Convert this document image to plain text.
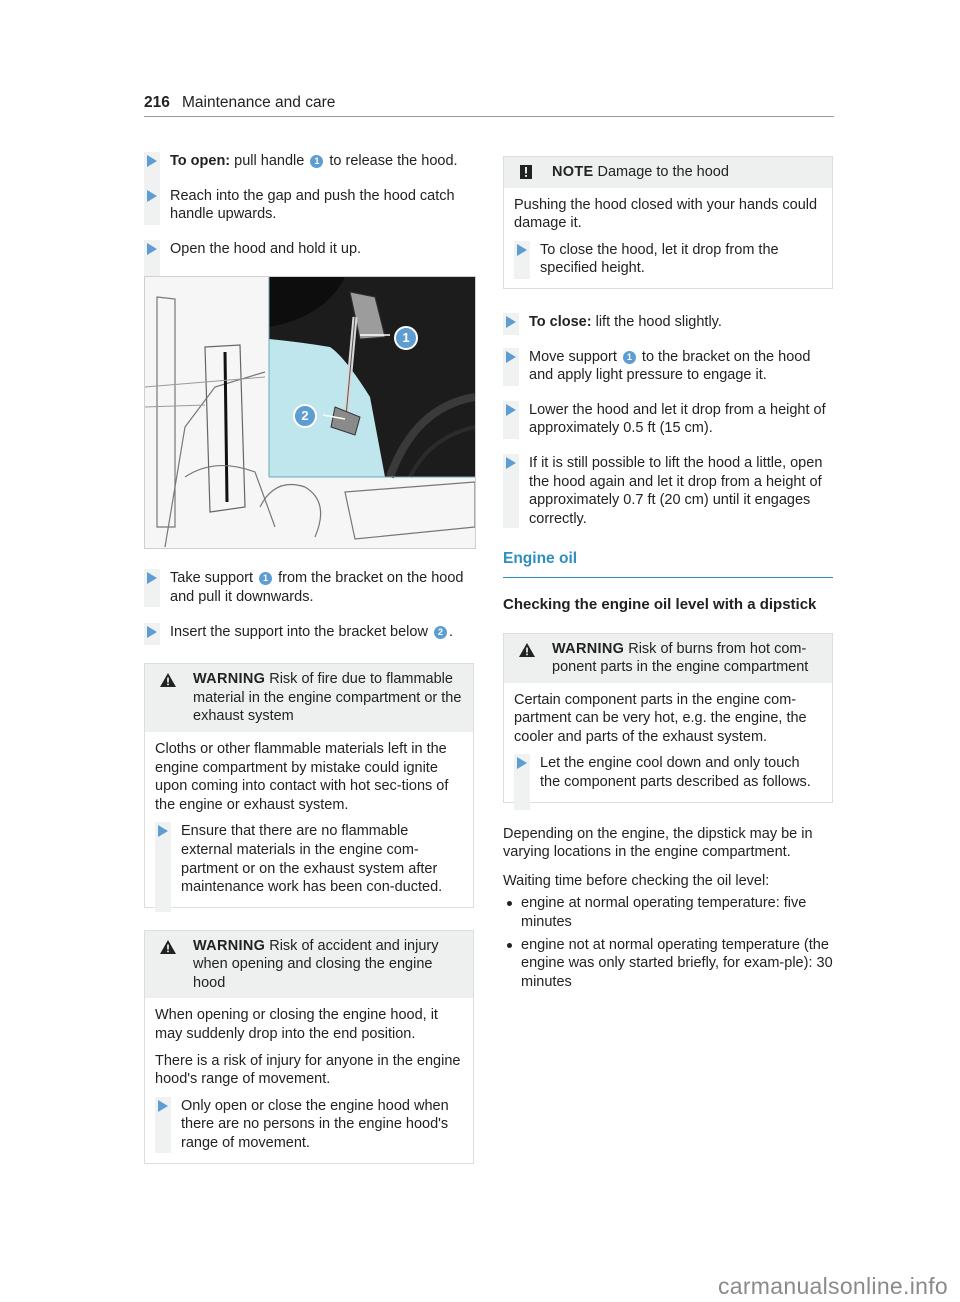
216 Maintenance and care
To open: pull handle 1 to release the hood.
Reach into the gap and push the hood catch handle upwards.
Open the hood and hold it up.
1
2
Take support 1 from the bracket on the hood and pull it downwards.
Insert the support into the bracket below 2 .
WARNING Risk of fire due to flammable material in the engine compartment or the exhaust system

Cloths or other flammable materials left in the engine compartment by mistake could ignite upon coming into contact with hot sec-tions of the engine or exhaust system.

Ensure that there are no flammable external materials in the engine com-partment or on the exhaust system after maintenance work has been con-ducted.
WARNING Risk of accident and injury when opening and closing the engine hood

When opening or closing the engine hood, it may suddenly drop into the end position.

There is a risk of injury for anyone in the engine hood's range of movement.

Only open or close the engine hood when there are no persons in the engine hood's range of movement.
NOTE Damage to the hood

Pushing the hood closed with your hands could damage it.

To close the hood, let it drop from the specified height.
To close: lift the hood slightly.
Move support 1 to the bracket on the hood and apply light pressure to engage it.
Lower the hood and let it drop from a height of approximately 0.5 ft (15 cm).
If it is still possible to lift the hood a little, open the hood again and let it drop from a height of approximately 0.7 ft (20 cm) until it engages correctly.
Engine oil
Checking the engine oil level with a dipstick
WARNING Risk of burns from hot com-ponent parts in the engine compartment

Certain component parts in the engine com-partment can be very hot, e.g. the engine, the cooler and parts of the exhaust system.

Let the engine cool down and only touch the component parts described as follows.

Depending on the engine, the dipstick may be in varying locations in the engine compartment.

Waiting time before checking the oil level:

engine at normal operating temperature: five minutes
engine not at normal operating temperature (the engine was only started briefly, for exam-ple): 30 minutes
carmanualsonline.info
